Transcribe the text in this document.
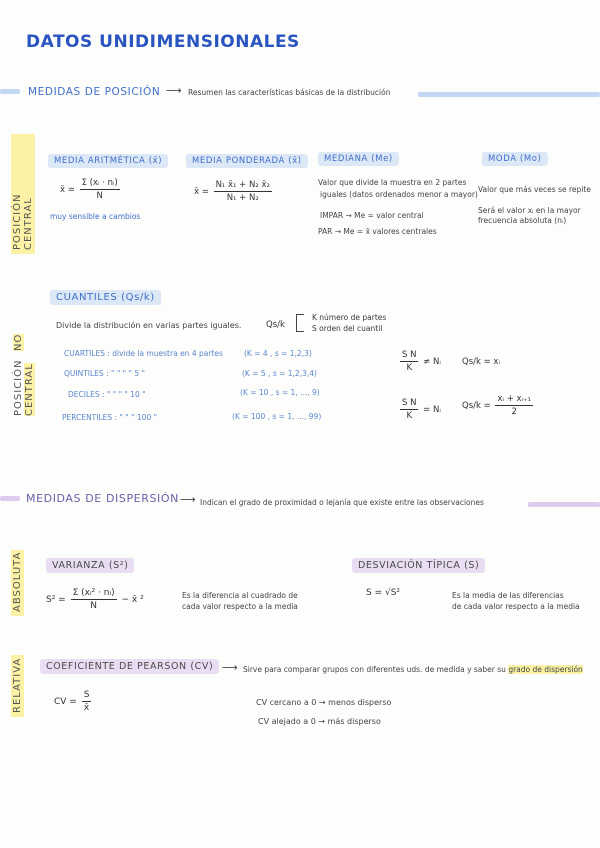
DATOS UNIDIMENSIONALES
MEDIDAS DE POSICIÓN ⟶ Resumen las características básicas de la distribución
POSICIÓN CENTRAL
MEDIA ARITMÉTICA (x̄)
x̄ = $\frac{\text{Σ (xᵢ · nᵢ)}}{N}$
muy sensible a cambios
MEDIA PONDERADA (x̄)
x̄ = $\frac{\text{N₁ x̄₁ + N₂ x̄₂}}{\text{N₁ + N₂}}$
MEDIANA (Me)
Valor que divide la muestra en 2 partes
iguales (datos ordenados menor a mayor)
IMPAR → Me = valor central
PAR → Me = x̄ valores centrales
MODA (Mo)
Valor que más veces se repite
Será el valor xᵢ en la mayor
frecuencia absoluta (nᵢ)
POSICIÓN NO CENTRAL
CUANTILES (Qs/k)
Divide la distribución en varias partes iguales.	Qs/k
K número de partes
S orden del cuantil
CUARTILES : divide la muestra en 4 partes	(K = 4 , s = 1,2,3)
QUINTILES : " " " " 5 "	(K = 5 , s = 1,2,3,4)
DECILES : " " " " 10 "	(K = 10 , s = 1, ..., 9)
PERCENTILES : " " " 100 "	(K = 100 , s = 1, ..., 99)
$\frac{\text{S N}}{K}$ ≠ Nᵢ Qs/k = xᵢ
$\frac{\text{S N}}{K}$ = Nᵢ $Qs/k = \frac{\text{xᵢ + xᵢ₊₁}}{2}$
MEDIDAS DE DISPERSIÓN ⟶ Indican el grado de proximidad o lejanía que existe entre las observaciones
ABSOLUTA	VARIANZA (S²)
$S^2 = \frac{\text{Σ (xᵢ² · nᵢ)}}{N}$ − x̄ ²	Es la diferencia al cuadrado de
cada valor respecto a la media
DESVIACIÓN TÍPICA (S)
S = √S²	Es la media de las diferencias
de cada valor respecto a la media
RELATIVA	COEFICIENTE DE PEARSON (CV) ⟶ Sirve para comparar grupos con diferentes uds. de medida y saber su grado de dispersión
CV = $\frac{S}{x̄}$	CV cercano a 0 → menos disperso
CV alejado a 0 → más disperso
